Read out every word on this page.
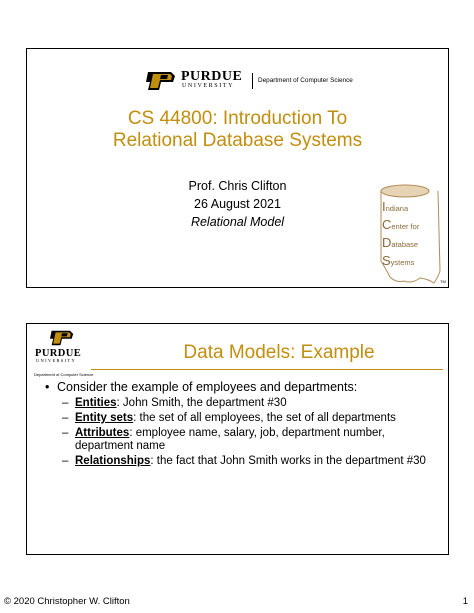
PURDUE
UNIVERSITY
Department of Computer Science
CS 44800: Introduction To
Relational Database Systems
Prof. Chris Clifton
26 August 2021
Relational Model
Indiana
Center for
Database
Systems
TM
PURDUE
UNIVERSITY
Department of Computer Science
Data Models: Example
• Consider the example of employees and departments:
– Entities: John Smith, the department #30
– Entity sets: the set of all employees, the set of all departments
– Attributes: employee name, salary, job, department number, department name
– Relationships: the fact that John Smith works in the department #30
© 2020 Christopher W. Clifton	1
